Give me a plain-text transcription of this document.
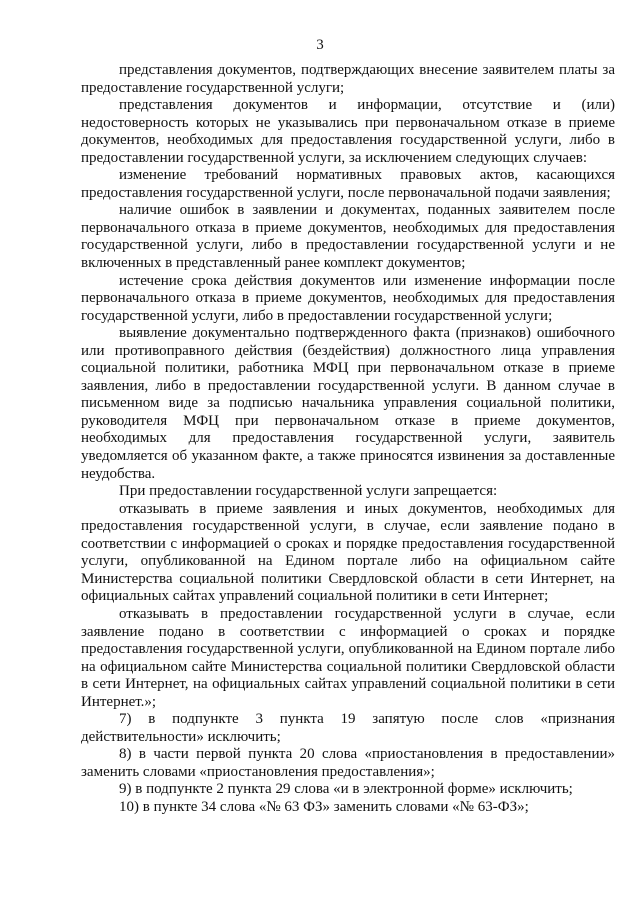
3

представления документов, подтверждающих внесение заявителем платы за предоставление государственной услуги;

представления документов и информации, отсутствие и (или) недостоверность которых не указывались при первоначальном отказе в приеме документов, необходимых для предоставления государственной услуги, либо в предоставлении государственной услуги, за исключением следующих случаев:

изменение требований нормативных правовых актов, касающихся предоставления государственной услуги, после первоначальной подачи заявления;

наличие ошибок в заявлении и документах, поданных заявителем после первоначального отказа в приеме документов, необходимых для предоставления государственной услуги, либо в предоставлении государственной услуги и не включенных в представленный ранее комплект документов;

истечение срока действия документов или изменение информации после первоначального отказа в приеме документов, необходимых для предоставления государственной услуги, либо в предоставлении государственной услуги;

выявление документально подтвержденного факта (признаков) ошибочного или противоправного действия (бездействия) должностного лица управления социальной политики, работника МФЦ при первоначальном отказе в приеме заявления, либо в предоставлении государственной услуги. В данном случае в письменном виде за подписью начальника управления социальной политики, руководителя МФЦ при первоначальном отказе в приеме документов, необходимых для предоставления государственной услуги, заявитель уведомляется об указанном факте, а также приносятся извинения за доставленные неудобства.

При предоставлении государственной услуги запрещается:

отказывать в приеме заявления и иных документов, необходимых для предоставления государственной услуги, в случае, если заявление подано в соответствии с информацией о сроках и порядке предоставления государственной услуги, опубликованной на Едином портале либо на официальном сайте Министерства социальной политики Свердловской области в сети Интернет, на официальных сайтах управлений социальной политики в сети Интернет;

отказывать в предоставлении государственной услуги в случае, если заявление подано в соответствии с информацией о сроках и порядке предоставления государственной услуги, опубликованной на Едином портале либо на официальном сайте Министерства социальной политики Свердловской области в сети Интернет, на официальных сайтах управлений социальной политики в сети Интернет.»;

7) в подпункте 3 пункта 19 запятую после слов «признания действительности» исключить;

8) в части первой пункта 20 слова «приостановления в предоставлении» заменить словами «приостановления предоставления»;

9) в подпункте 2 пункта 29 слова «и в электронной форме» исключить;

10) в пункте 34 слова «№ 63 ФЗ» заменить словами «№ 63-ФЗ»;
